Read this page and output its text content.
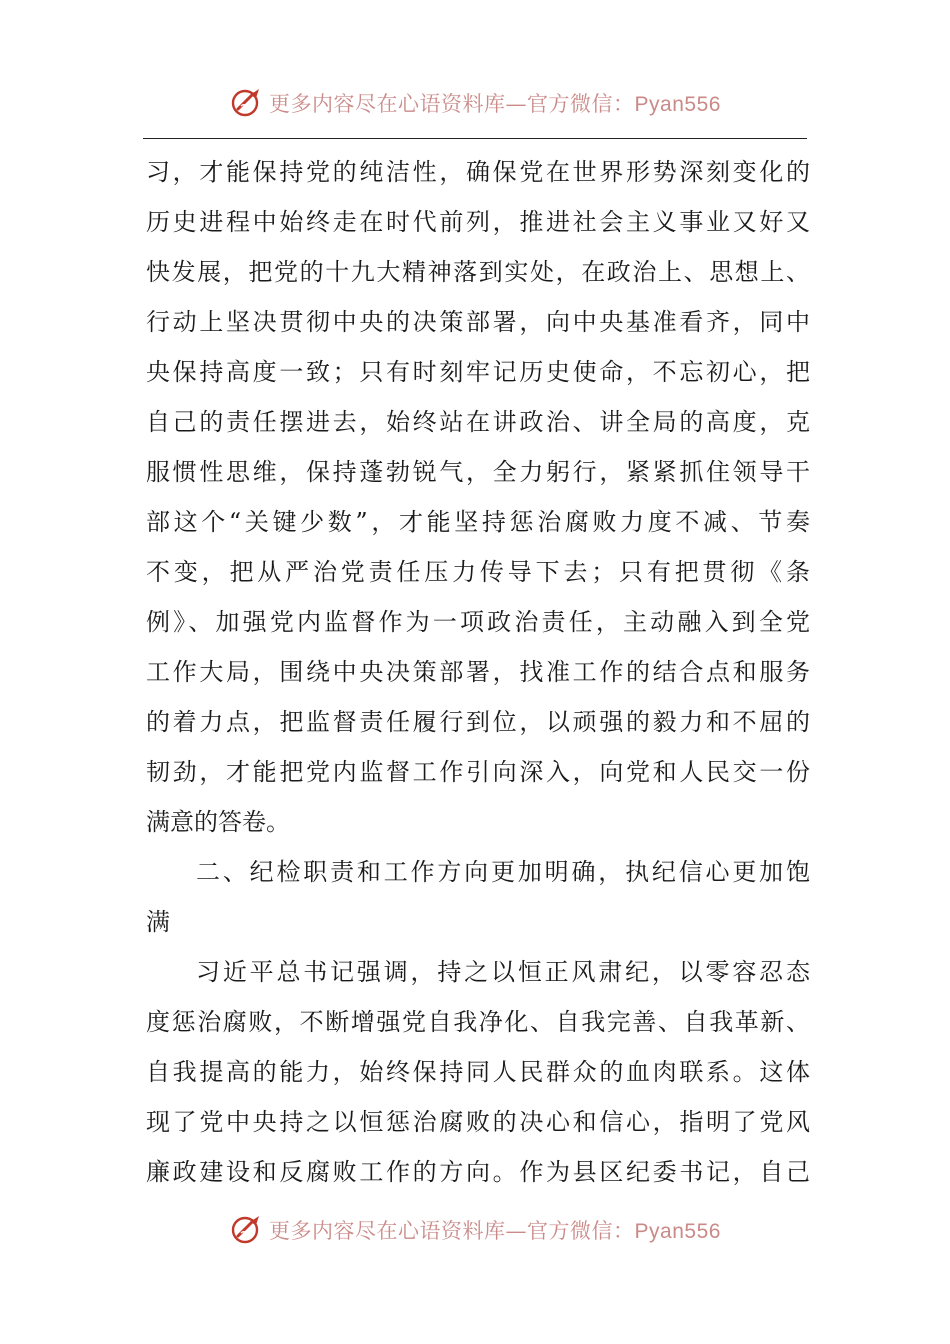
更多内容尽在心语资料库—官方微信：Pyan556
习，才能保持党的纯洁性，确保党在世界形势深刻变化的
历史进程中始终走在时代前列，推进社会主义事业又好又
快发展，把党的十九大精神落到实处，在政治上、思想上、
行动上坚决贯彻中央的决策部署，向中央基准看齐，同中
央保持高度一致；只有时刻牢记历史使命，不忘初心，把
自己的责任摆进去，始终站在讲政治、讲全局的高度，克
服惯性思维，保持蓬勃锐气，全力躬行，紧紧抓住领导干
部这个“关键少数”，才能坚持惩治腐败力度不减、节奏
不变，把从严治党责任压力传导下去；只有把贯彻《条
例》、加强党内监督作为一项政治责任，主动融入到全党
工作大局，围绕中央决策部署，找准工作的结合点和服务
的着力点，把监督责任履行到位，以顽强的毅力和不屈的
韧劲，才能把党内监督工作引向深入，向党和人民交一份
满意的答卷。
二、纪检职责和工作方向更加明确，执纪信心更加饱
满
习近平总书记强调，持之以恒正风肃纪，以零容忍态
度惩治腐败，不断增强党自我净化、自我完善、自我革新、
自我提高的能力，始终保持同人民群众的血肉联系。这体
现了党中央持之以恒惩治腐败的决心和信心，指明了党风
廉政建设和反腐败工作的方向。作为县区纪委书记，自己
更多内容尽在心语资料库—官方微信：Pyan556
